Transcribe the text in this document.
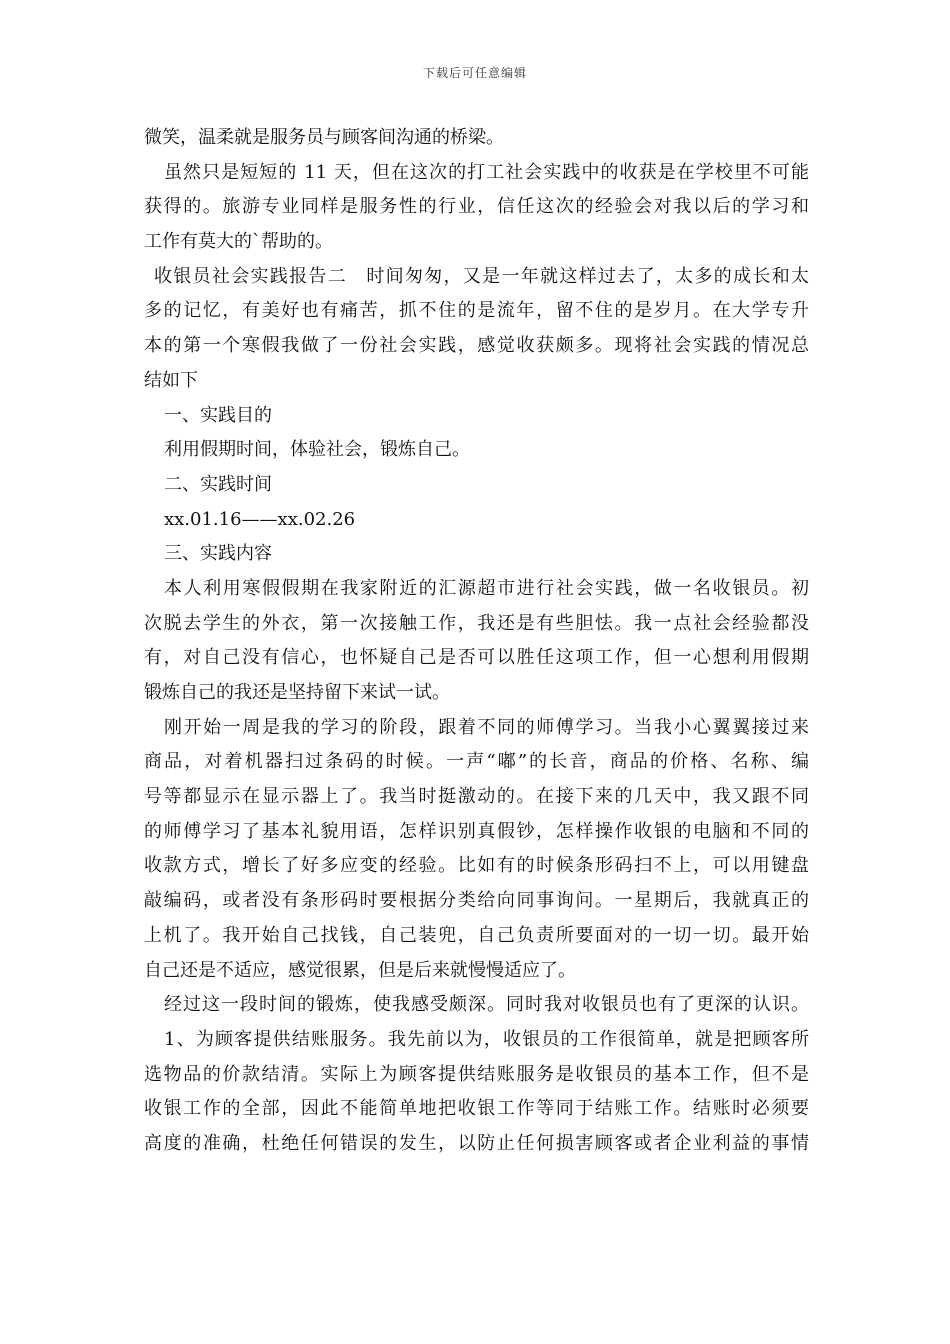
下载后可任意编辑
微笑，温柔就是服务员与顾客间沟通的桥梁。
虽然只是短短的 11 天，但在这次的打工社会实践中的收获是在学校里不可能
获得的。旅游专业同样是服务性的行业，信任这次的经验会对我以后的学习和
工作有莫大的`帮助的。
收银员社会实践报告二　时间匆匆，又是一年就这样过去了，太多的成长和太
多的记忆，有美好也有痛苦，抓不住的是流年，留不住的是岁月。在大学专升
本的第一个寒假我做了一份社会实践，感觉收获颇多。现将社会实践的情况总
结如下
一、实践目的
利用假期时间，体验社会，锻炼自己。
二、实践时间
xx.01.16——xx.02.26
三、实践内容
本人利用寒假假期在我家附近的汇源超市进行社会实践，做一名收银员。初
次脱去学生的外衣，第一次接触工作，我还是有些胆怯。我一点社会经验都没
有，对自己没有信心，也怀疑自己是否可以胜任这项工作，但一心想利用假期
锻炼自己的我还是坚持留下来试一试。
刚开始一周是我的学习的阶段，跟着不同的师傅学习。当我小心翼翼接过来
商品，对着机器扫过条码的时候。一声“嘟”的长音，商品的价格、名称、编
号等都显示在显示器上了。我当时挺激动的。在接下来的几天中，我又跟不同
的师傅学习了基本礼貌用语，怎样识别真假钞，怎样操作收银的电脑和不同的
收款方式，增长了好多应变的经验。比如有的时候条形码扫不上，可以用键盘
敲编码，或者没有条形码时要根据分类给向同事询问。一星期后，我就真正的
上机了。我开始自己找钱，自己装兜，自己负责所要面对的一切一切。最开始
自己还是不适应，感觉很累，但是后来就慢慢适应了。
经过这一段时间的锻炼，使我感受颇深。同时我对收银员也有了更深的认识。
1、为顾客提供结账服务。我先前以为，收银员的工作很简单，就是把顾客所
选物品的价款结清。实际上为顾客提供结账服务是收银员的基本工作，但不是
收银工作的全部，因此不能简单地把收银工作等同于结账工作。结账时必须要
高度的准确，杜绝任何错误的发生，以防止任何损害顾客或者企业利益的事情
